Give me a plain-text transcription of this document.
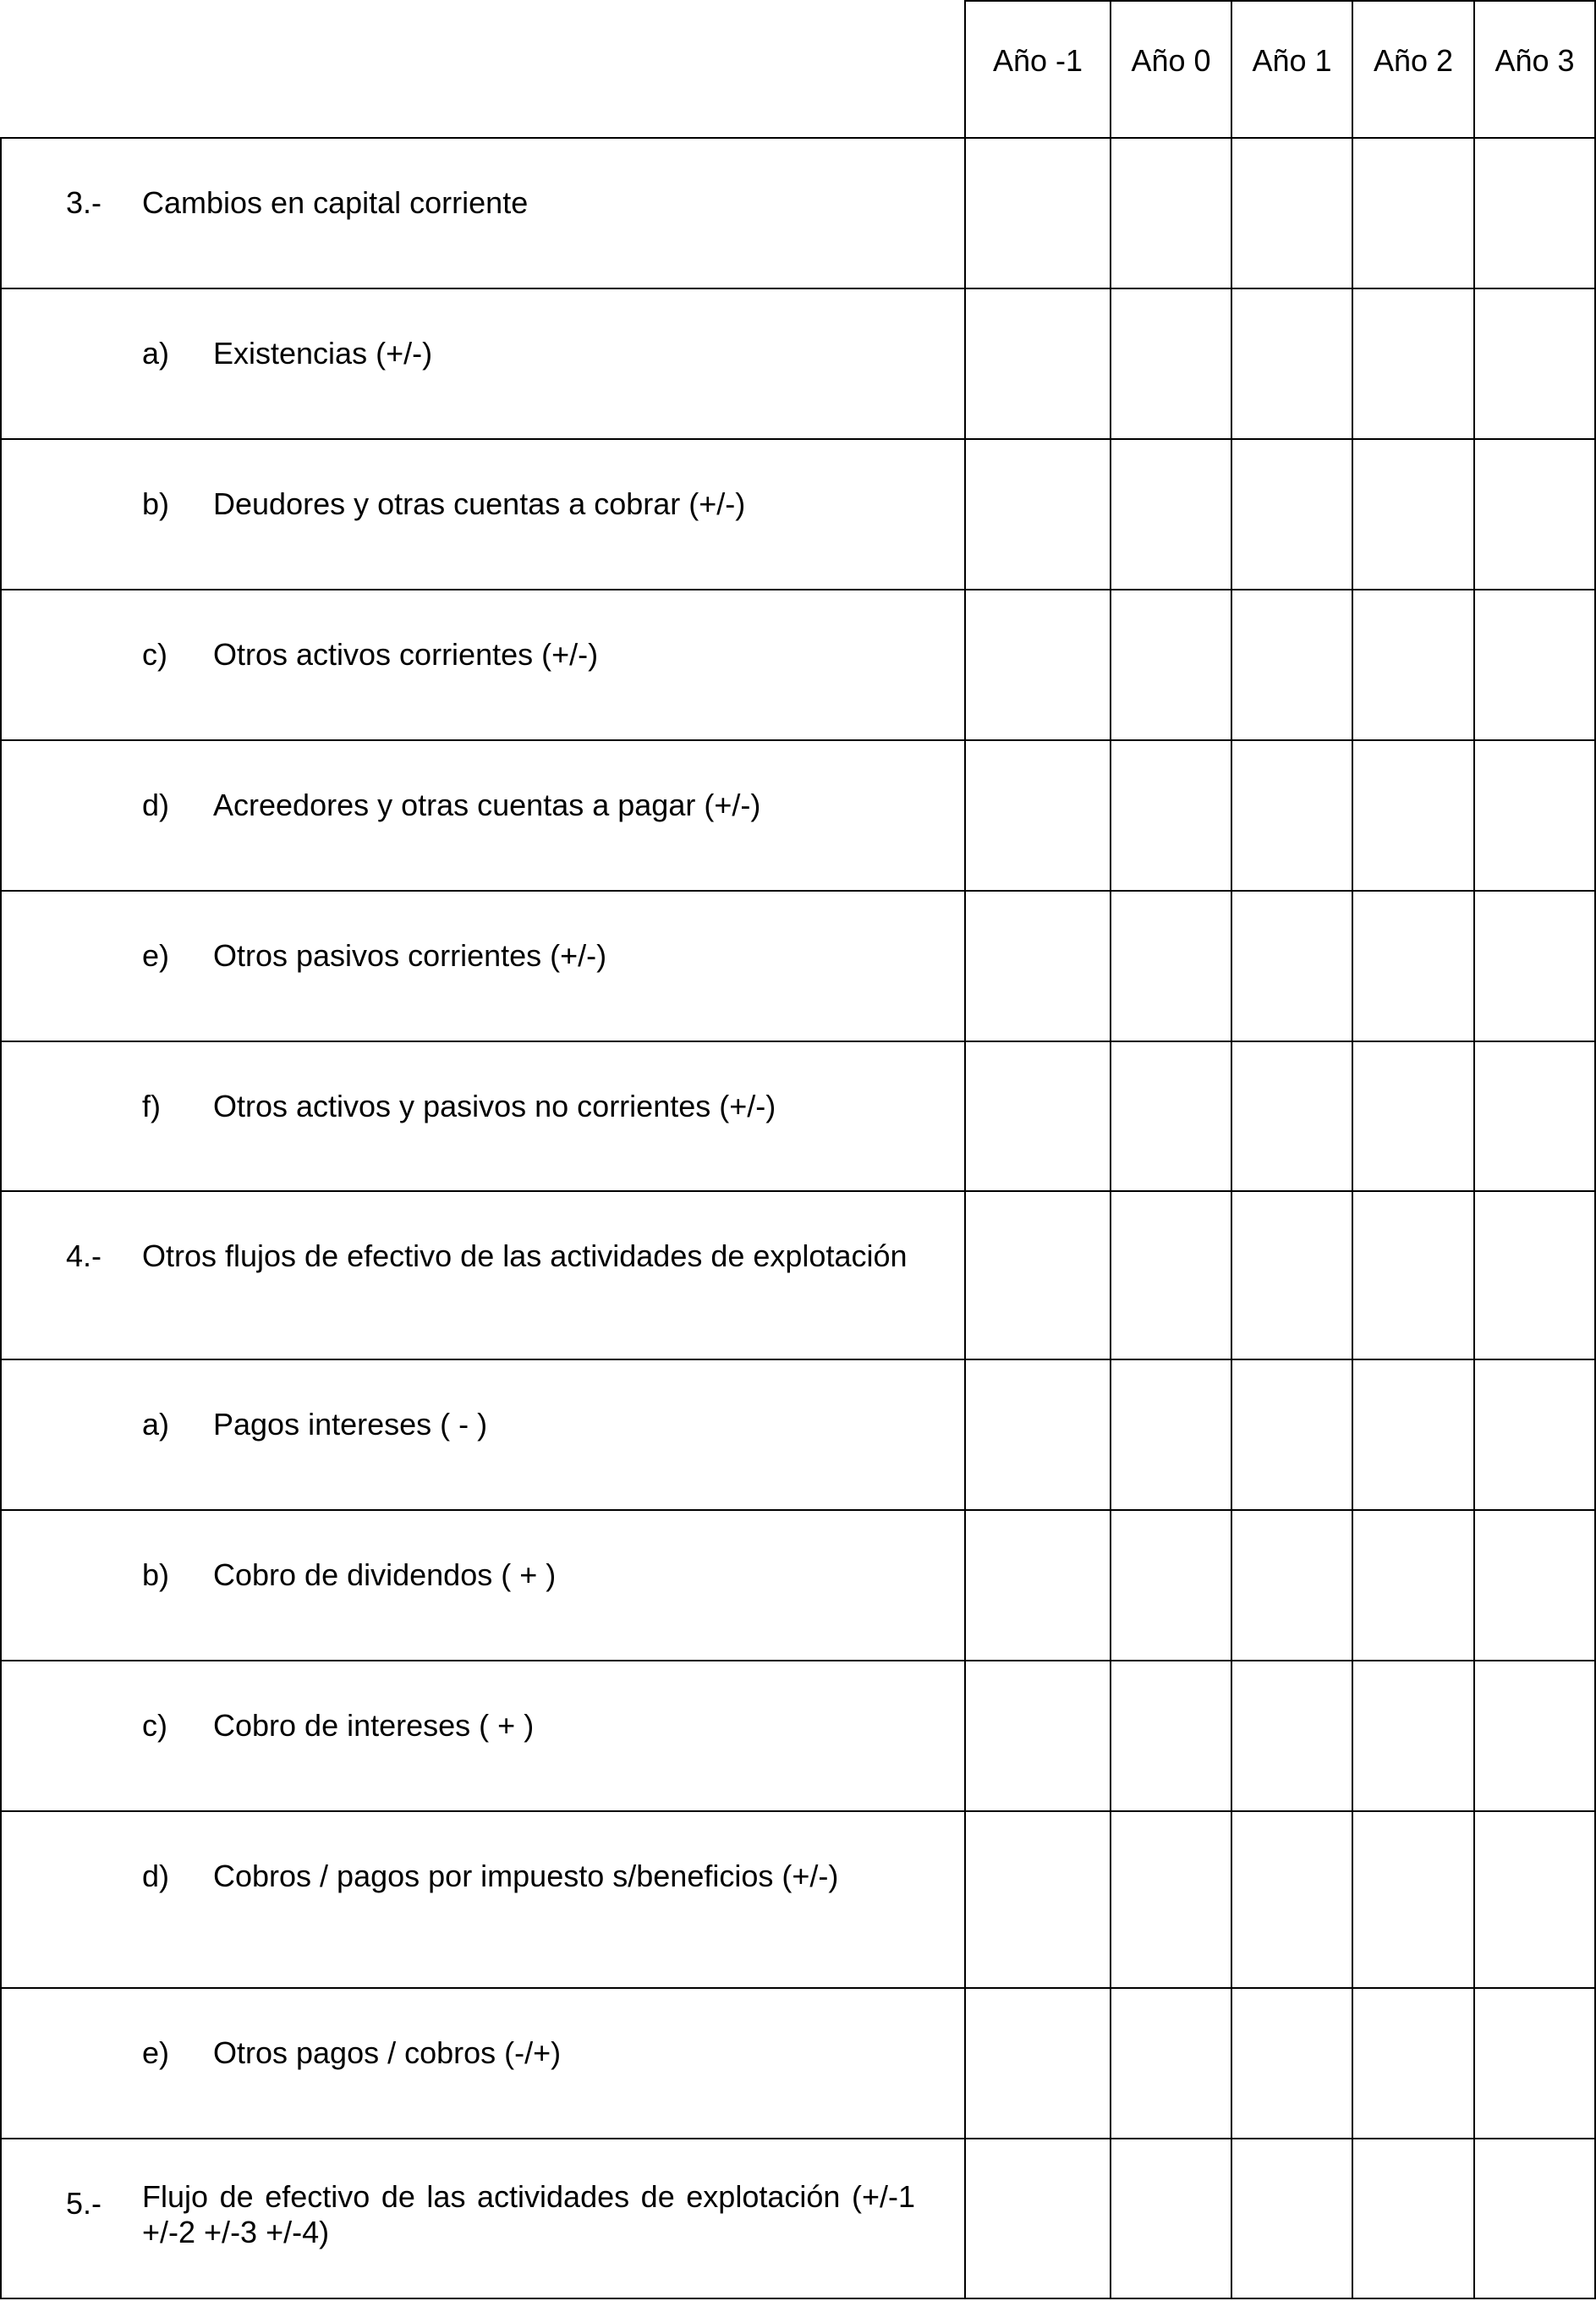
Año -1	Año 0	Año 1	Año 2	Año 3
3.- Cambios en capital corriente
a) Existencias (+/-)
b) Deudores y otras cuentas a cobrar (+/-)
c) Otros activos corrientes (+/-)
d) Acreedores y otras cuentas a pagar (+/-)
e) Otros pasivos corrientes (+/-)
f) Otros activos y pasivos no corrientes (+/-)
4.- Otros flujos de efectivo de las actividades de explotación
a) Pagos intereses ( - )
b) Cobro de dividendos ( + )
c) Cobro de intereses ( + )
d) Cobros / pagos por impuesto s/beneficios (+/-)
e) Otros pagos / cobros (-/+)
5.- Flujo de efectivo de las actividades de explotación (+/-1 +/-2 +/-3 +/-4)
